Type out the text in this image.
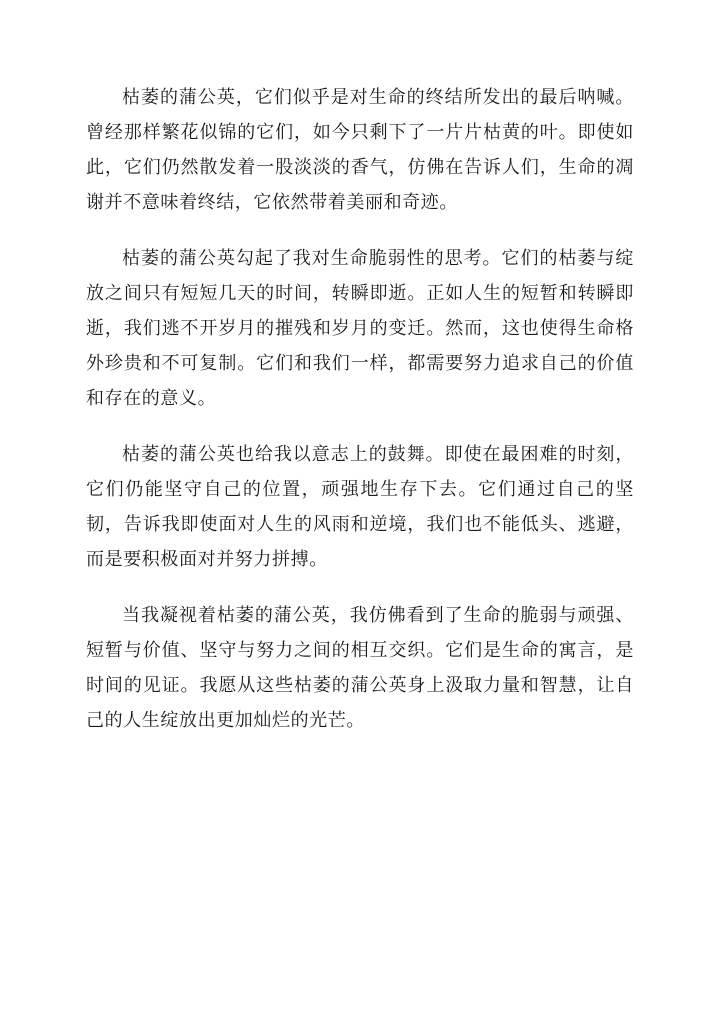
枯萎的蒲公英，它们似乎是对生命的终结所发出的最后呐喊。曾经那样繁花似锦的它们，如今只剩下了一片片枯黄的叶。即使如此，它们仍然散发着一股淡淡的香气，仿佛在告诉人们，生命的凋谢并不意味着终结，它依然带着美丽和奇迹。

枯萎的蒲公英勾起了我对生命脆弱性的思考。它们的枯萎与绽放之间只有短短几天的时间，转瞬即逝。正如人生的短暂和转瞬即逝，我们逃不开岁月的摧残和岁月的变迁。然而，这也使得生命格外珍贵和不可复制。它们和我们一样，都需要努力追求自己的价值和存在的意义。

枯萎的蒲公英也给我以意志上的鼓舞。即使在最困难的时刻，它们仍能坚守自己的位置，顽强地生存下去。它们通过自己的坚韧，告诉我即使面对人生的风雨和逆境，我们也不能低头、逃避，而是要积极面对并努力拼搏。

当我凝视着枯萎的蒲公英，我仿佛看到了生命的脆弱与顽强、短暂与价值、坚守与努力之间的相互交织。它们是生命的寓言，是时间的见证。我愿从这些枯萎的蒲公英身上汲取力量和智慧，让自己的人生绽放出更加灿烂的光芒。
